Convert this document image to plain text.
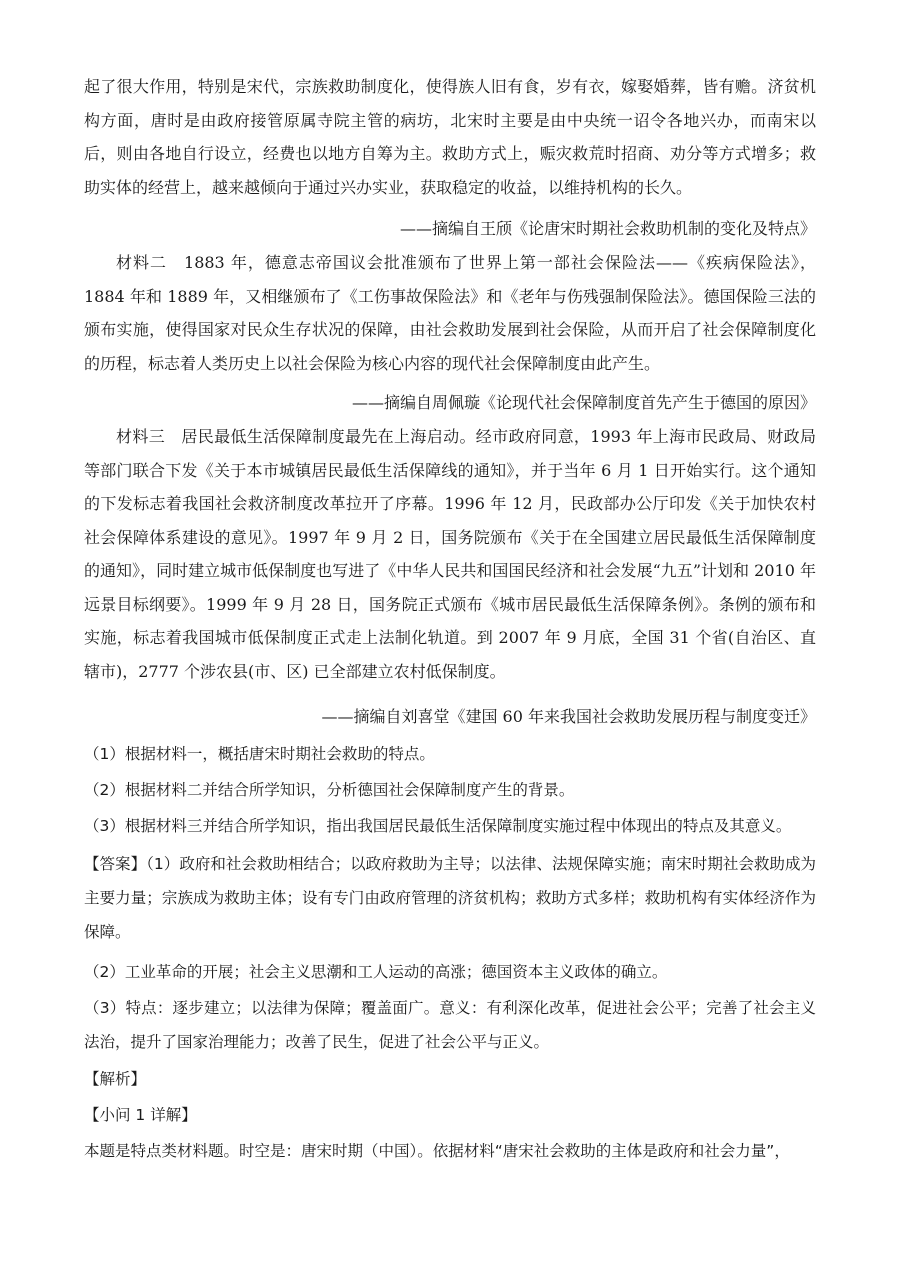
起了很大作用，特别是宋代，宗族救助制度化，使得族人旧有食，岁有衣，嫁娶婚葬，皆有赡。济贫机构方面，唐时是由政府接管原属寺院主管的病坊，北宋时主要是由中央统一诏令各地兴办，而南宋以后，则由各地自行设立，经费也以地方自筹为主。救助方式上，赈灾救荒时招商、劝分等方式增多；救助实体的经营上，越来越倾向于通过兴办实业，获取稳定的收益，以维持机构的长久。

——摘编自王颀《论唐宋时期社会救助机制的变化及特点》

材料二　1883 年，德意志帝国议会批准颁布了世界上第一部社会保险法——《疾病保险法》，1884 年和 1889 年，又相继颁布了《工伤事故保险法》和《老年与伤残强制保险法》。德国保险三法的颁布实施，使得国家对民众生存状况的保障，由社会救助发展到社会保险，从而开启了社会保障制度化的历程，标志着人类历史上以社会保险为核心内容的现代社会保障制度由此产生。

——摘编自周佩璇《论现代社会保障制度首先产生于德国的原因》

材料三　居民最低生活保障制度最先在上海启动。经市政府同意，1993 年上海市民政局、财政局等部门联合下发《关于本市城镇居民最低生活保障线的通知》，并于当年 6 月 1 日开始实行。这个通知的下发标志着我国社会救济制度改革拉开了序幕。1996 年 12 月，民政部办公厅印发《关于加快农村社会保障体系建设的意见》。1997 年 9 月 2 日，国务院颁布《关于在全国建立居民最低生活保障制度的通知》，同时建立城市低保制度也写进了《中华人民共和国国民经济和社会发展“九五”计划和 2010 年远景目标纲要》。1999 年 9 月 28 日，国务院正式颁布《城市居民最低生活保障条例》。条例的颁布和实施，标志着我国城市低保制度正式走上法制化轨道。到 2007 年 9 月底，全国 31 个省(自治区、直辖市)，2777 个涉农县(市、区) 已全部建立农村低保制度。

——摘编自刘喜堂《建国 60 年来我国社会救助发展历程与制度变迁》

（1）根据材料一，概括唐宋时期社会救助的特点。

（2）根据材料二并结合所学知识，分析德国社会保障制度产生的背景。

（3）根据材料三并结合所学知识，指出我国居民最低生活保障制度实施过程中体现出的特点及其意义。

【答案】（1）政府和社会救助相结合；以政府救助为主导；以法律、法规保障实施；南宋时期社会救助成为主要力量；宗族成为救助主体；设有专门由政府管理的济贫机构；救助方式多样；救助机构有实体经济作为保障。

（2）工业革命的开展；社会主义思潮和工人运动的高涨；德国资本主义政体的确立。

（3）特点：逐步建立；以法律为保障；覆盖面广。意义：有利深化改革，促进社会公平；完善了社会主义法治，提升了国家治理能力；改善了民生，促进了社会公平与正义。

【解析】

【小问 1 详解】

本题是特点类材料题。时空是：唐宋时期（中国）。依据材料“唐宋社会救助的主体是政府和社会力量”，
